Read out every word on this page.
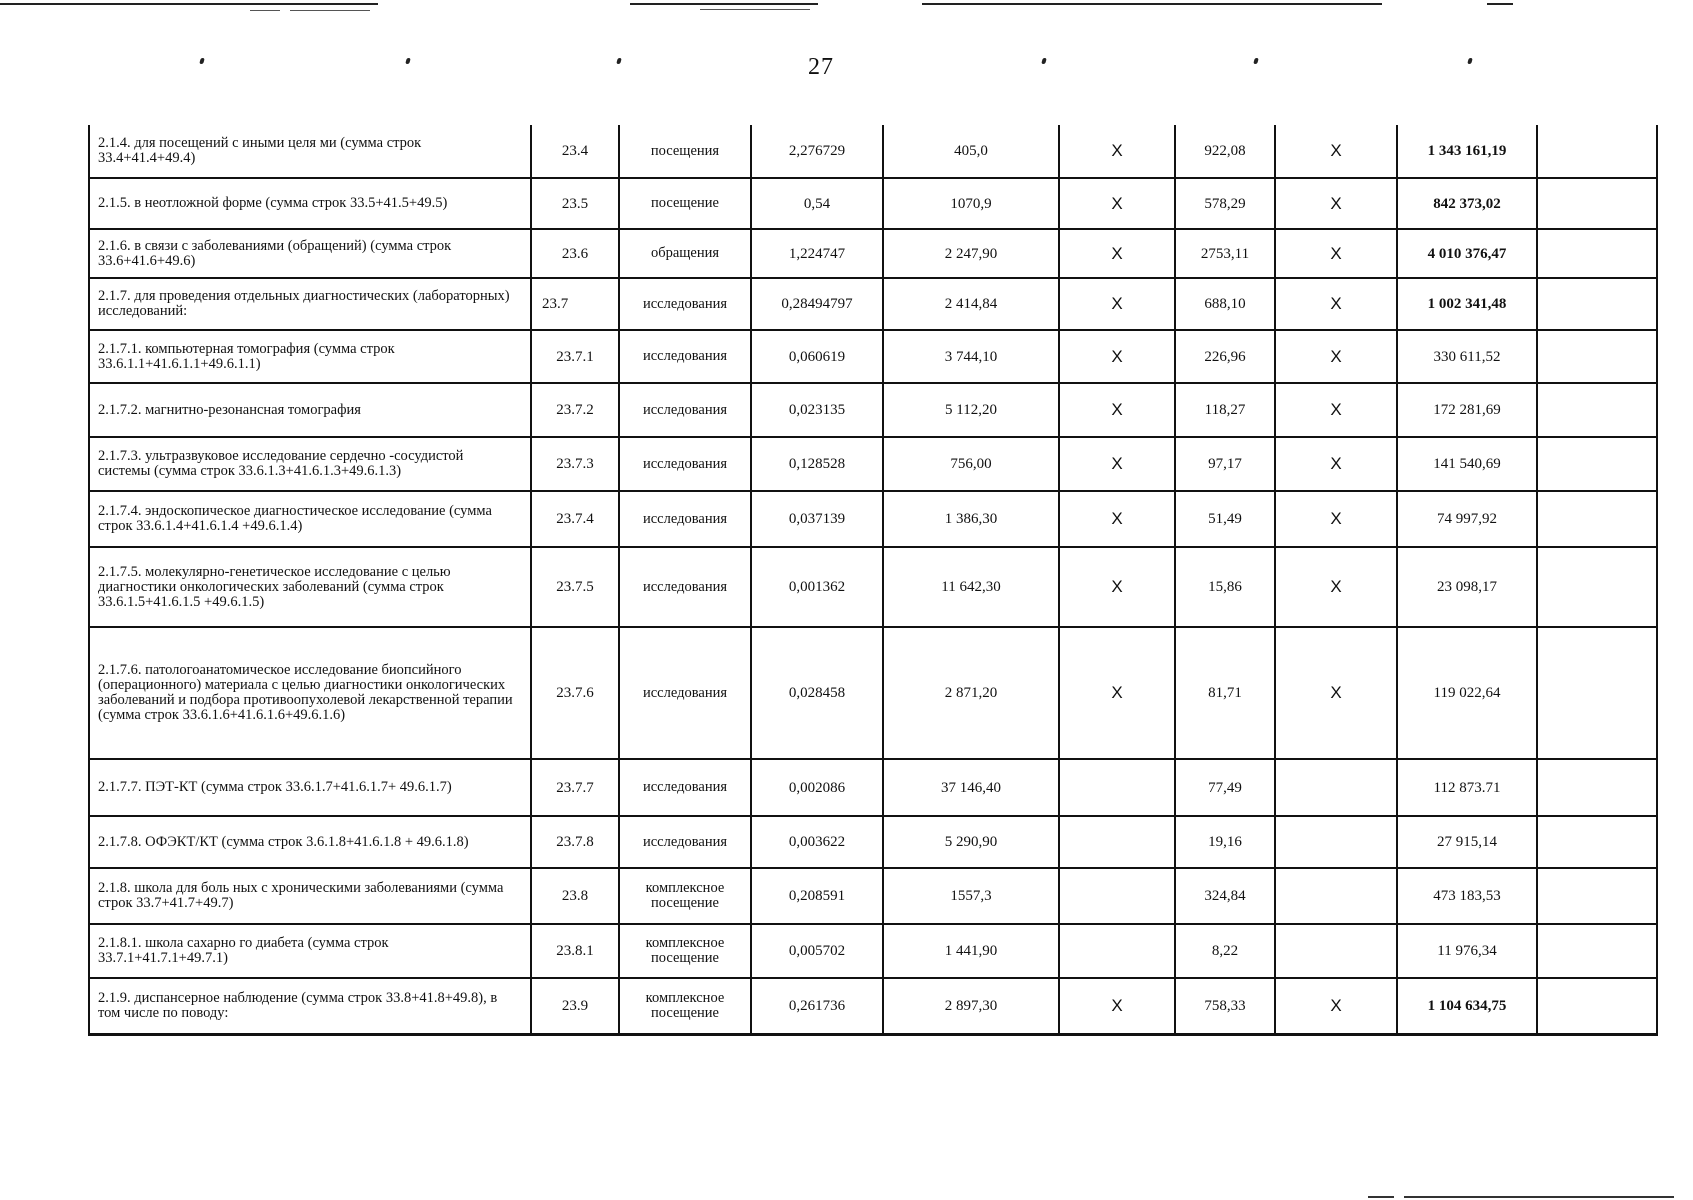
27
2.1.4. для посещений с иными целя ми (сумма строк 33.4+41.4+49.4)	23.4	посещения	2,276729	405,0	X	922,08	X	1 343 161,19	
2.1.5. в неотложной форме (сумма строк 33.5+41.5+49.5)	23.5	посещение	0,54	1070,9	X	578,29	X	842 373,02	
2.1.6. в связи с заболеваниями (обращений) (сумма строк 33.6+41.6+49.6)	23.6	обращения	1,224747	2 247,90	X	2753,11	X	4 010 376,47	
2.1.7. для проведения отдельных диагностических (лабораторных) исследований:	23.7	исследования	0,28494797	2 414,84	X	688,10	X	1 002 341,48	
2.1.7.1. компьютерная томография (сумма строк 33.6.1.1+41.6.1.1+49.6.1.1)	23.7.1	исследования	0,060619	3 744,10	X	226,96	X	330 611,52	
2.1.7.2. магнитно-резонансная томография	23.7.2	исследования	0,023135	5 112,20	X	118,27	X	172 281,69	
2.1.7.3. ультразвуковое исследование сердечно -сосудистой системы (сумма строк 33.6.1.3+41.6.1.3+49.6.1.3)	23.7.3	исследования	0,128528	756,00	X	97,17	X	141 540,69	
2.1.7.4. эндоскопическое диагностическое исследование (сумма строк 33.6.1.4+41.6.1.4 +49.6.1.4)	23.7.4	исследования	0,037139	1 386,30	X	51,49	X	74 997,92	
2.1.7.5. молекулярно-генетическое исследование с целью диагностики онкологических заболеваний (сумма строк 33.6.1.5+41.6.1.5 +49.6.1.5)	23.7.5	исследования	0,001362	11 642,30	X	15,86	X	23 098,17	
2.1.7.6. патологоанатомическое исследование биопсийного (операционного) материала с целью диагностики онкологических заболеваний и подбора противоопухолевой лекарственной терапии (сумма строк 33.6.1.6+41.6.1.6+49.6.1.6)	23.7.6	исследования	0,028458	2 871,20	X	81,71	X	119 022,64	
2.1.7.7. ПЭТ-КТ (сумма строк 33.6.1.7+41.6.1.7+ 49.6.1.7)	23.7.7	исследования	0,002086	37 146,40		77,49		112 873.71	
2.1.7.8. ОФЭКТ/КТ (сумма строк 3.6.1.8+41.6.1.8 + 49.6.1.8)	23.7.8	исследования	0,003622	5 290,90		19,16		27 915,14	
2.1.8. школа для боль ных с хроническими заболеваниями (сумма строк 33.7+41.7+49.7)	23.8	комплексное посещение	0,208591	1557,3		324,84		473 183,53	
2.1.8.1. школа сахарно го диабета (сумма строк 33.7.1+41.7.1+49.7.1)	23.8.1	комплексное посещение	0,005702	1 441,90		8,22		11 976,34	
2.1.9. диспансерное наблюдение (сумма строк 33.8+41.8+49.8), в том числе по поводу:	23.9	комплексное посещение	0,261736	2 897,30	X	758,33	X	1 104 634,75	
